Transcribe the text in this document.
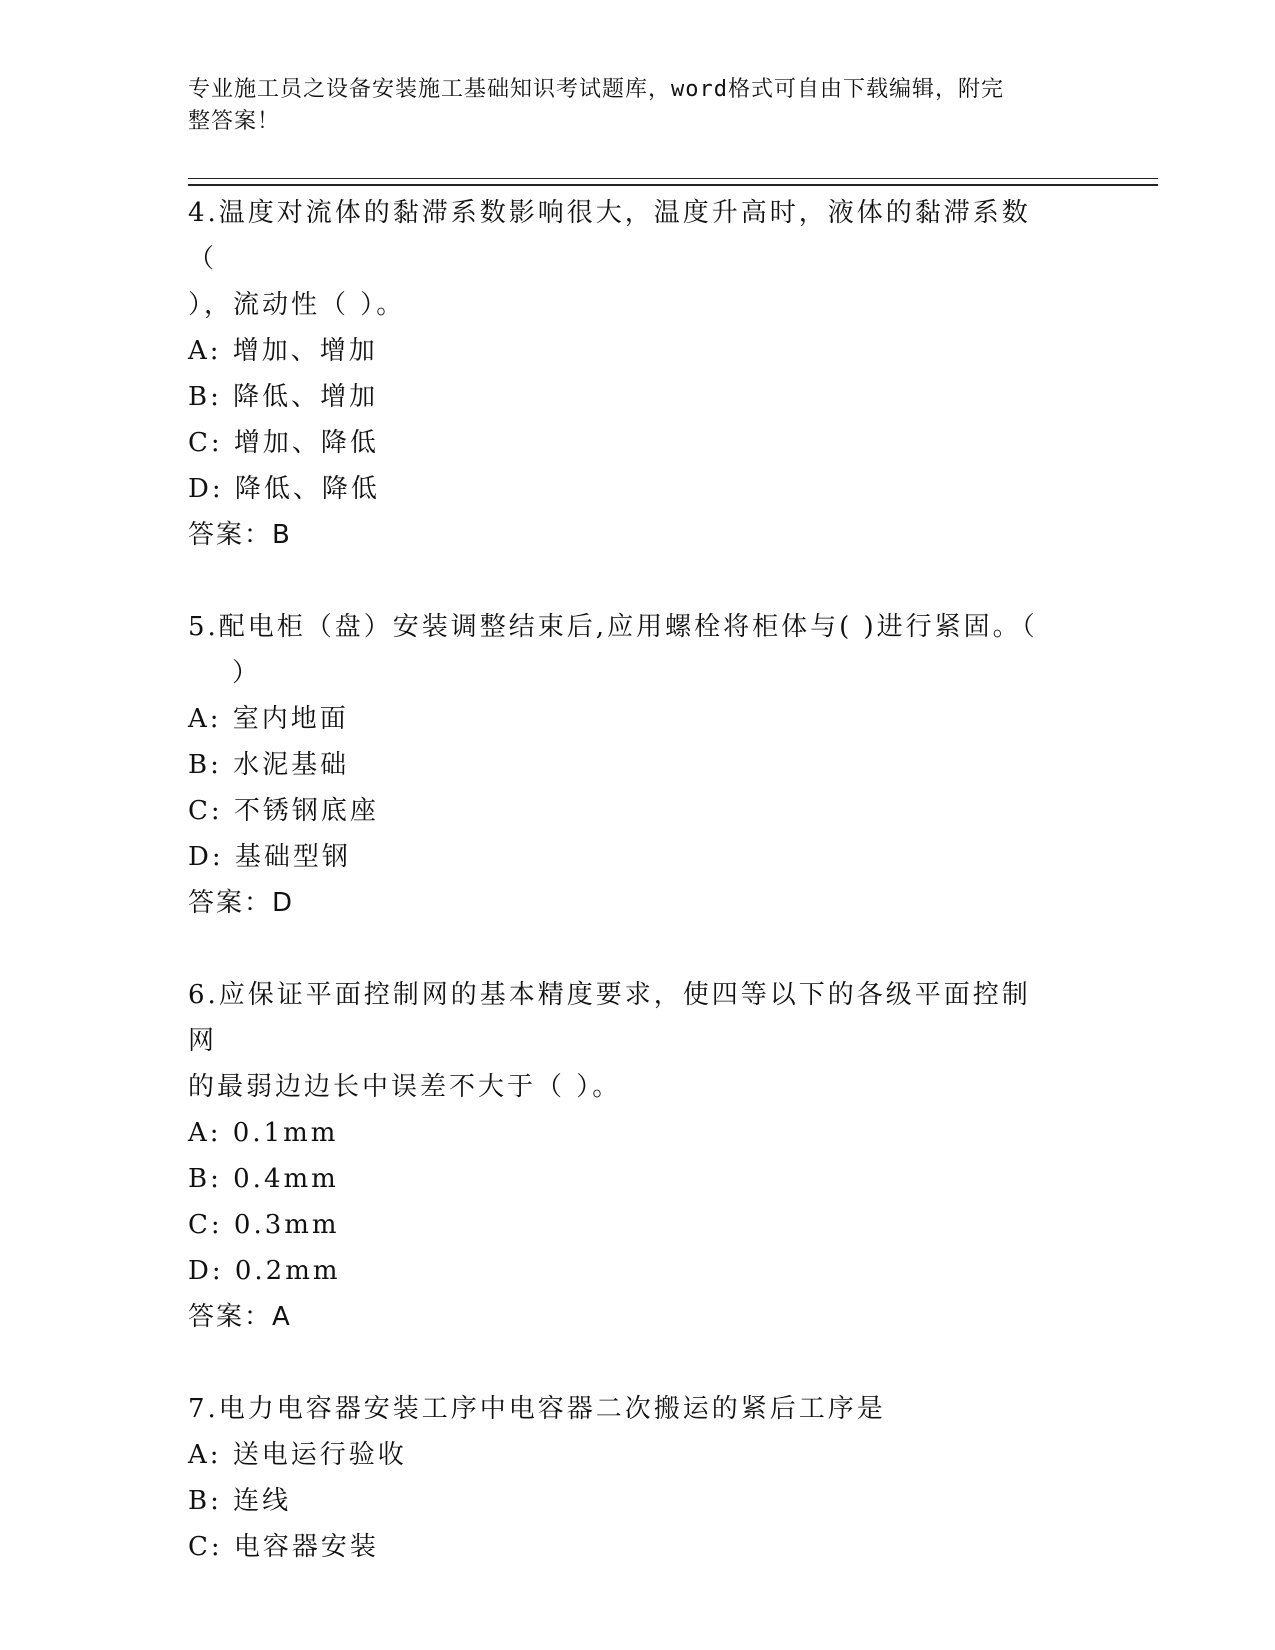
专业施工员之设备安装施工基础知识考试题库，word格式可自由下载编辑，附完
整答案！
4.温度对流体的黏滞系数影响很大，温度升高时，液体的黏滞系数（
），流动性（ ）。
A: 增加、增加
B: 降低、增加
C: 增加、降低
D: 降低、降低
答案：B
5.配电柜（盘）安装调整结束后,应用螺栓将柜体与( )进行紧固。（
）
A: 室内地面
B: 水泥基础
C: 不锈钢底座
D: 基础型钢
答案：D
6.应保证平面控制网的基本精度要求，使四等以下的各级平面控制网
的最弱边边长中误差不大于（ ）。
A: 0.1mm
B: 0.4mm
C: 0.3mm
D: 0.2mm
答案：A
7.电力电容器安装工序中电容器二次搬运的紧后工序是
A: 送电运行验收
B: 连线
C: 电容器安装
